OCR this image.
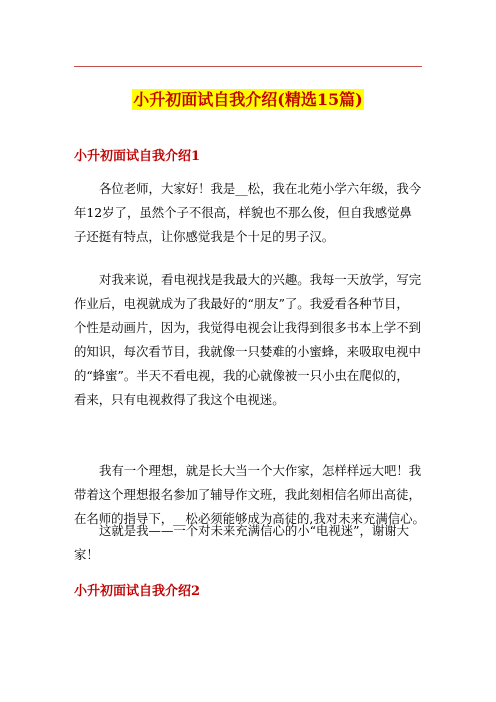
小升初面试自我介绍(精选15篇)
小升初面试自我介绍1
各位老师，大家好！我是__松，我在北苑小学六年级，我今
年12岁了，虽然个子不很高，样貌也不那么俊，但自我感觉鼻
子还挺有特点，让你感觉我是个十足的男子汉。
对我来说，看电视找是我最大的兴趣。我每一天放学，写完
作业后，电视就成为了我最好的“朋友”了。我爱看各种节目，
个性是动画片，因为，我觉得电视会让我得到很多书本上学不到
的知识，每次看节目，我就像一只婪难的小蜜蜂，来吸取电视中
的“蜂蜜”。半天不看电视，我的心就像被一只小虫在爬似的，
看来，只有电视救得了我这个电视迷。
我有一个理想，就是长大当一个大作家，怎样样远大吧！我
带着这个理想报名参加了辅导作文班，我此刻相信名师出高徒，
在名师的指导下，__松必须能够成为高徒的,我对未来充满信心。
这就是我——一个对未来充满信心的小“电视迷”，谢谢大
家！
小升初面试自我介绍2
